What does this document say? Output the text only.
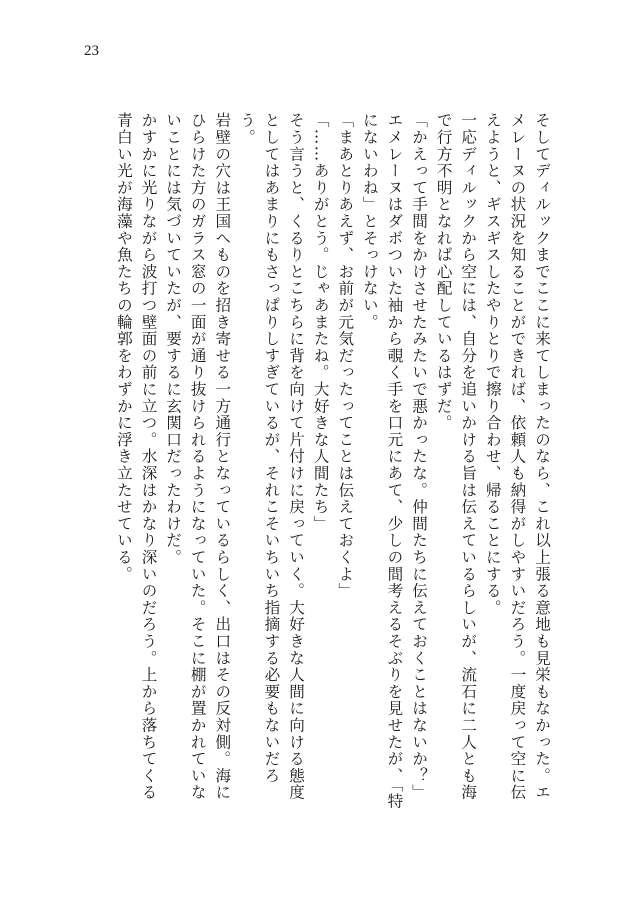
23

そしてディルックまでここに来てしまったのなら、これ以上張る意地も見栄もなかった。エメレーヌの状況を知ることができれば、依頼人も納得がしやすいだろう。一度戻って空に伝えようと、ギスギスしたやりとりで擦り合わせ、帰ることにする。

一応ディルックから空には、自分を追いかける旨は伝えているらしいが、流石に二人とも海で行方不明となれば心配しているはずだ。

「かえって手間をかけさせたみたいで悪かったな。仲間たちに伝えておくことはないか？」

エメレーヌはダボついた袖から覗く手を口元にあて、少しの間考えるそぶりを見せたが、「特にないわね」とそっけない。

「まあとりあえず、お前が元気だったってことは伝えておくよ」

「……ありがとう。じゃあまたね。大好きな人間たち」

そう言うと、くるりとこちらに背を向けて片付けに戻っていく。大好きな人間に向ける態度としてはあまりにもさっぱりしすぎているが、それこそいちいち指摘する必要もないだろう。

岩壁の穴は王国へものを招き寄せる一方通行となっているらしく、出口はその反対側。海にひらけた方のガラス窓の一面が通り抜けられるようになっていた。そこに棚が置かれていないことには気づいていたが、要するに玄関口だったわけだ。

かすかに光りながら波打つ壁面の前に立つ。水深はかなり深いのだろう。上から落ちてくる青白い光が海藻や魚たちの輪郭をわずかに浮き立たせている。
